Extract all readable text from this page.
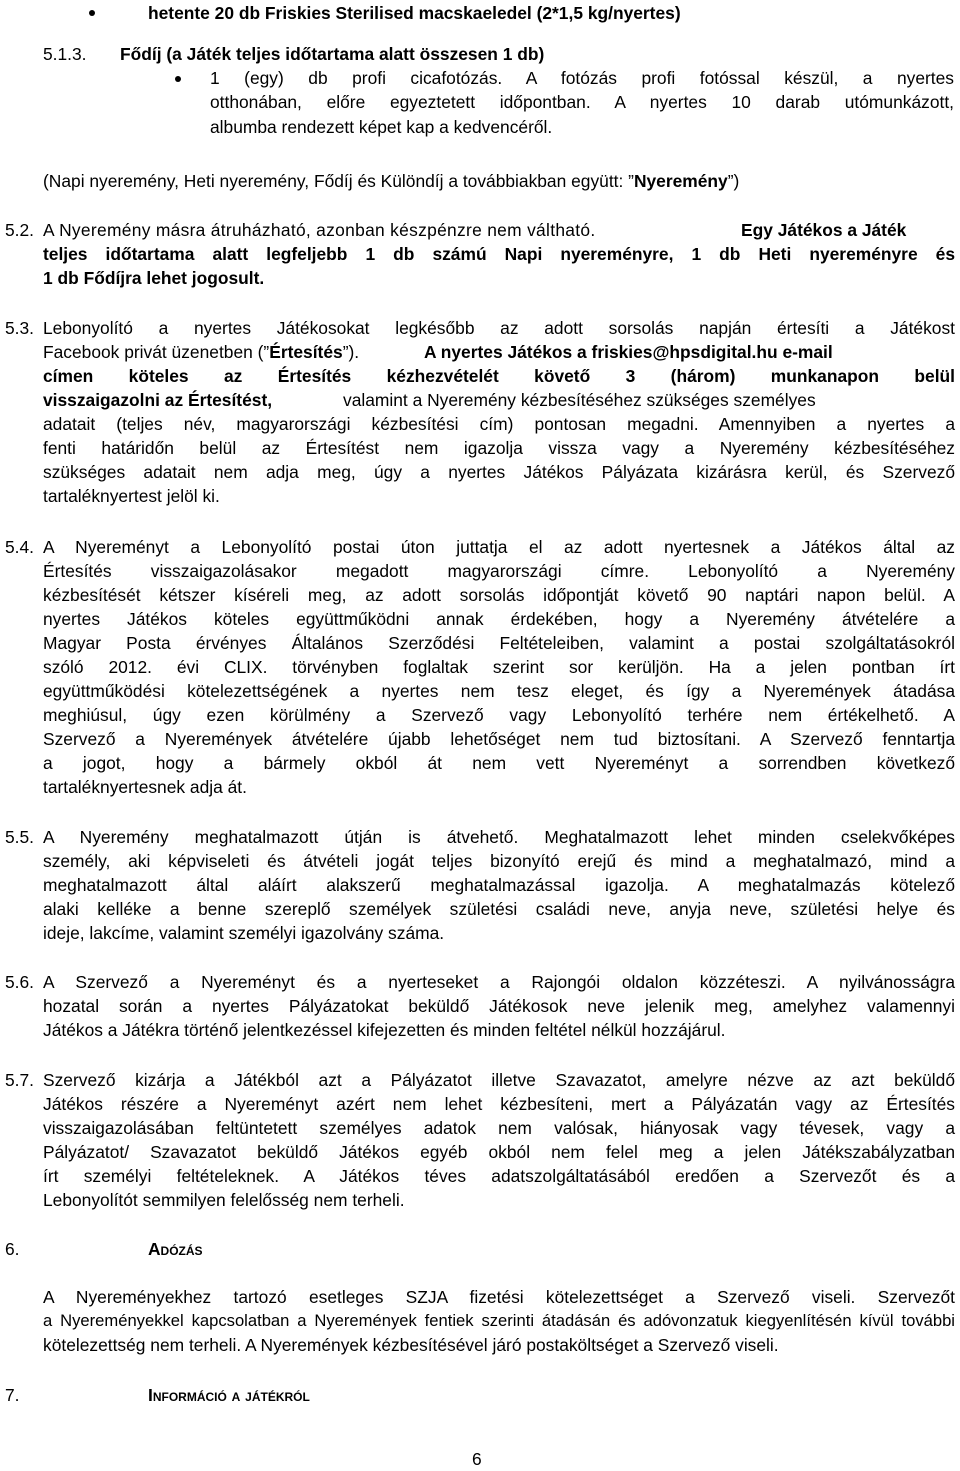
hetente 20 db Friskies Sterilised macskaeledel (2*1,5 kg/nyertes)
5.1.3. Fődíj (a Játék teljes időtartama alatt összesen 1 db)
1 (egy) db profi cicafotózás. A fotózás profi fotóssal készül, a nyertes
otthonában, előre egyeztetett időpontban. A nyertes 10 darab utómunkázott,
albumba rendezett képet kap a kedvencéről.
(Napi nyeremény, Heti nyeremény, Fődíj és Különdíj a továbbiakban együtt: ”Nyeremény”)
5.2. A Nyeremény másra átruházható, azonban készpénzre nem váltható.	Egy Játékos a Játék
teljes időtartama alatt legfeljebb 1 db számú Napi nyereményre, 1 db Heti nyereményre és
1 db Fődíjra lehet jogosult.
5.3. Lebonyolító a nyertes Játékosokat legkésőbb az adott sorsolás napján értesíti a Játékost
Facebook privát üzenetben (”Értesítés”).	A nyertes Játékos a friskies@hpsdigital.hu e-mail
címen köteles az Értesítés kézhezvételét követő 3 (három) munkanapon belül
visszaigazolni az Értesítést,	valamint a Nyeremény kézbesítéséhez szükséges személyes
adatait (teljes név, magyarországi kézbesítési cím) pontosan megadni. Amennyiben a nyertes a
fenti határidőn belül az Értesítést nem igazolja vissza vagy a Nyeremény kézbesítéséhez
szükséges adatait nem adja meg, úgy a nyertes Játékos Pályázata kizárásra kerül, és Szervező
tartaléknyertest jelöl ki.
5.4. A Nyereményt a Lebonyolító postai úton juttatja el az adott nyertesnek a Játékos által az
Értesítés visszaigazolásakor megadott magyarországi címre. Lebonyolító a Nyeremény
kézbesítését kétszer kíséreli meg, az adott sorsolás időpontját követő 90 naptári napon belül. A
nyertes Játékos köteles együttműködni annak érdekében, hogy a Nyeremény átvételére a
Magyar Posta érvényes Általános Szerződési Feltételeiben, valamint a postai szolgáltatásokról
szóló 2012. évi CLIX. törvényben foglaltak szerint sor kerüljön. Ha a jelen pontban írt
együttműködési kötelezettségének a nyertes nem tesz eleget, és így a Nyeremények átadása
meghiúsul, úgy ezen körülmény a Szervező vagy Lebonyolító terhére nem értékelhető. A
Szervező a Nyeremények átvételére újabb lehetőséget nem tud biztosítani. A Szervező fenntartja
a jogot, hogy a bármely okból át nem vett Nyereményt a sorrendben következő
tartaléknyertesnek adja át.
5.5. A Nyeremény meghatalmazott útján is átvehető. Meghatalmazott lehet minden cselekvőképes
személy, aki képviseleti és átvételi jogát teljes bizonyító erejű és mind a meghatalmazó, mind a
meghatalmazott által aláírt alakszerű meghatalmazással igazolja. A meghatalmazás kötelező
alaki kelléke a benne szereplő személyek születési családi neve, anyja neve, születési helye és
ideje, lakcíme, valamint személyi igazolvány száma.
5.6. A Szervező a Nyereményt és a nyerteseket a Rajongói oldalon közzéteszi. A nyilvánosságra
hozatal során a nyertes Pályázatokat beküldő Játékosok neve jelenik meg, amelyhez valamennyi
Játékos a Játékra történő jelentkezéssel kifejezetten és minden feltétel nélkül hozzájárul.
5.7. Szervező kizárja a Játékból azt a Pályázatot illetve Szavazatot, amelyre nézve az azt beküldő
Játékos részére a Nyereményt azért nem lehet kézbesíteni, mert a Pályázatán vagy az Értesítés
visszaigazolásában feltüntetett személyes adatok nem valósak, hiányosak vagy tévesek, vagy a
Pályázatot/ Szavazatot beküldő Játékos egyéb okból nem felel meg a jelen Játékszabályzatban
írt személyi feltételeknek. A Játékos téves adatszolgáltatásából eredően a Szervezőt és a
Lebonyolítót semmilyen felelősség nem terheli.
6.	Adózás
A Nyereményekhez tartozó esetleges SZJA fizetési kötelezettséget a Szervező viseli. Szervezőt
a Nyereményekkel kapcsolatban a Nyeremények fentiek szerinti átadásán és adóvonzatuk kiegyenlítésén kívül további
kötelezettség nem terheli. A Nyeremények kézbesítésével járó postaköltséget a Szervező viseli.
7.	Információ a játékról
6
